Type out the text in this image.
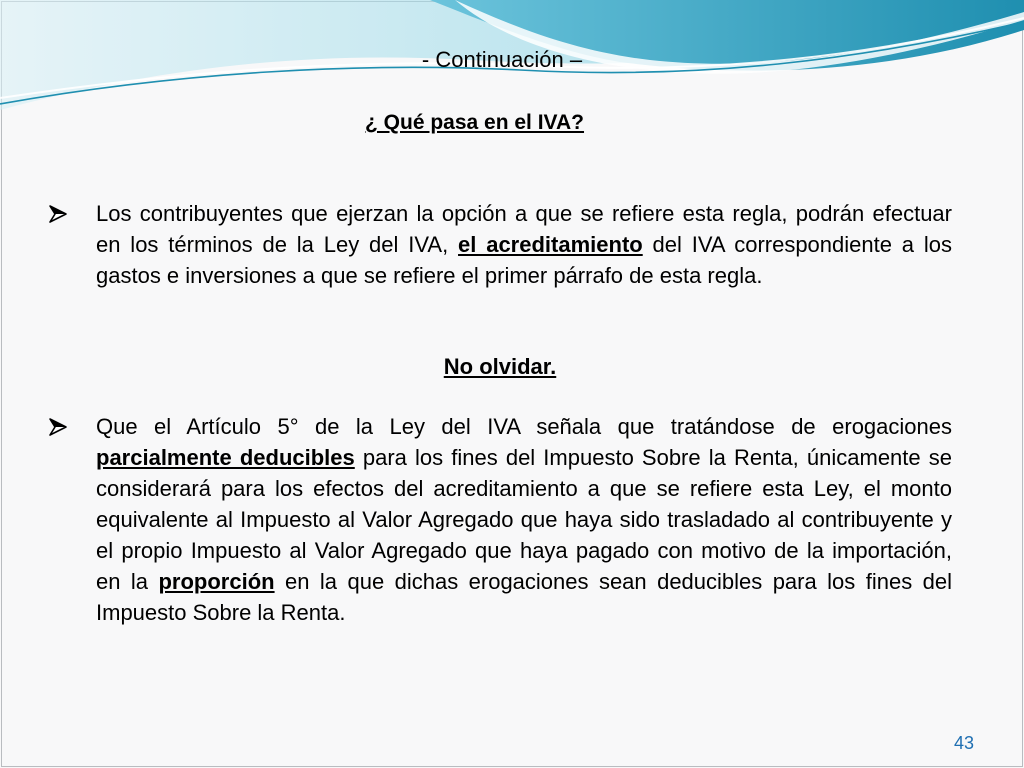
- Continuación –
¿ Qué pasa en el IVA?
Los contribuyentes que ejerzan la opción a que se refiere esta regla, podrán efectuar en los términos de la Ley del IVA, el acreditamiento del IVA correspondiente a los gastos e inversiones a que se refiere el primer párrafo de esta regla.
No olvidar.
Que el Artículo 5° de la Ley del IVA señala que tratándose de erogaciones parcialmente deducibles para los fines del Impuesto Sobre la Renta, únicamente se considerará para los efectos del acreditamiento a que se refiere esta Ley, el monto equivalente al Impuesto al Valor Agregado que haya sido trasladado al contribuyente y el propio Impuesto al Valor Agregado que haya pagado con motivo de la importación, en la proporción en la que dichas erogaciones sean deducibles para los fines del Impuesto Sobre la Renta.
43
